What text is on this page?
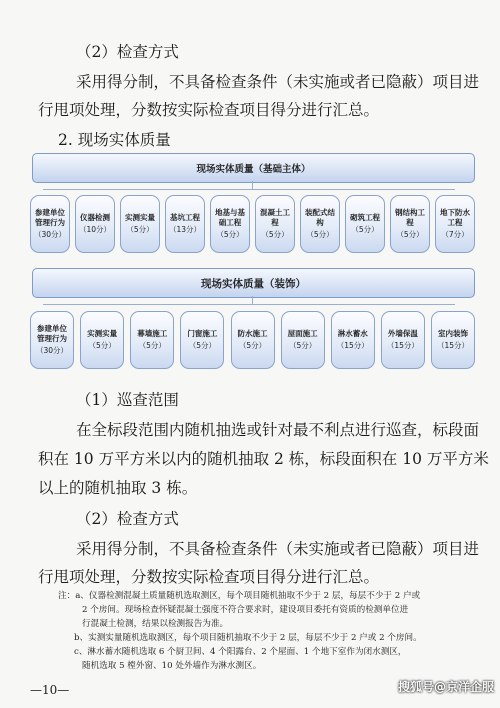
（2）检查方式
采用得分制，不具备检查条件（未实施或者已隐蔽）项目进
行甩项处理，分数按实际检查项目得分进行汇总。
2. 现场实体质量
现场实体质量（基础主体）
参建单位
管理行为
（30分）
仪器检测
（10分）
实测实量
（5分）
基坑工程
（13分）
地基与基
础工程
（5分）
混凝土工
程
（5分）
装配式结
构
（5分）
砌筑工程
（5分）
钢结构工
程
（5分）
地下防水
工程
（7分）
现场实体质量（装饰）
参建单位
管理行为
（30分）
实测实量
（5分）
幕墙施工
（5分）
门窗施工
（5分）
防水施工
（5分）
屋面施工
（5分）
淋水蓄水
（15分）
外墙保温
（15分）
室内装饰
（15分）
（1）巡查范围
在全标段范围内随机抽选或针对最不利点进行巡查，标段面
积在 10 万平方米以内的随机抽取 2 栋，标段面积在 10 万平方米
以上的随机抽取 3 栋。
（2）检查方式
采用得分制，不具备检查条件（未实施或者已隐蔽）项目进
行甩项处理，分数按实际检查项目得分进行汇总。
注：a、仪器检测混凝土质量随机选取测区，每个项目随机抽取不少于 2 层，每层不少于 2 户或
2 个房间。现场检查怀疑混凝土强度不符合要求时，建设项目委托有资质的检测单位进
行混凝土检测，结果以检测报告为准。
b、实测实量随机选取测区，每个项目随机抽取不少于 2 层，每层不少于 2 户或 2 个房间。
c、淋水蓄水随机选取 6 个厨卫间、4 个阳露台、2 个屋面、1 个地下室作为闭水测区，
随机选取 5 樘外窗、10 处外墙作为淋水测区。
—10—	搜狐号@京洋企服
